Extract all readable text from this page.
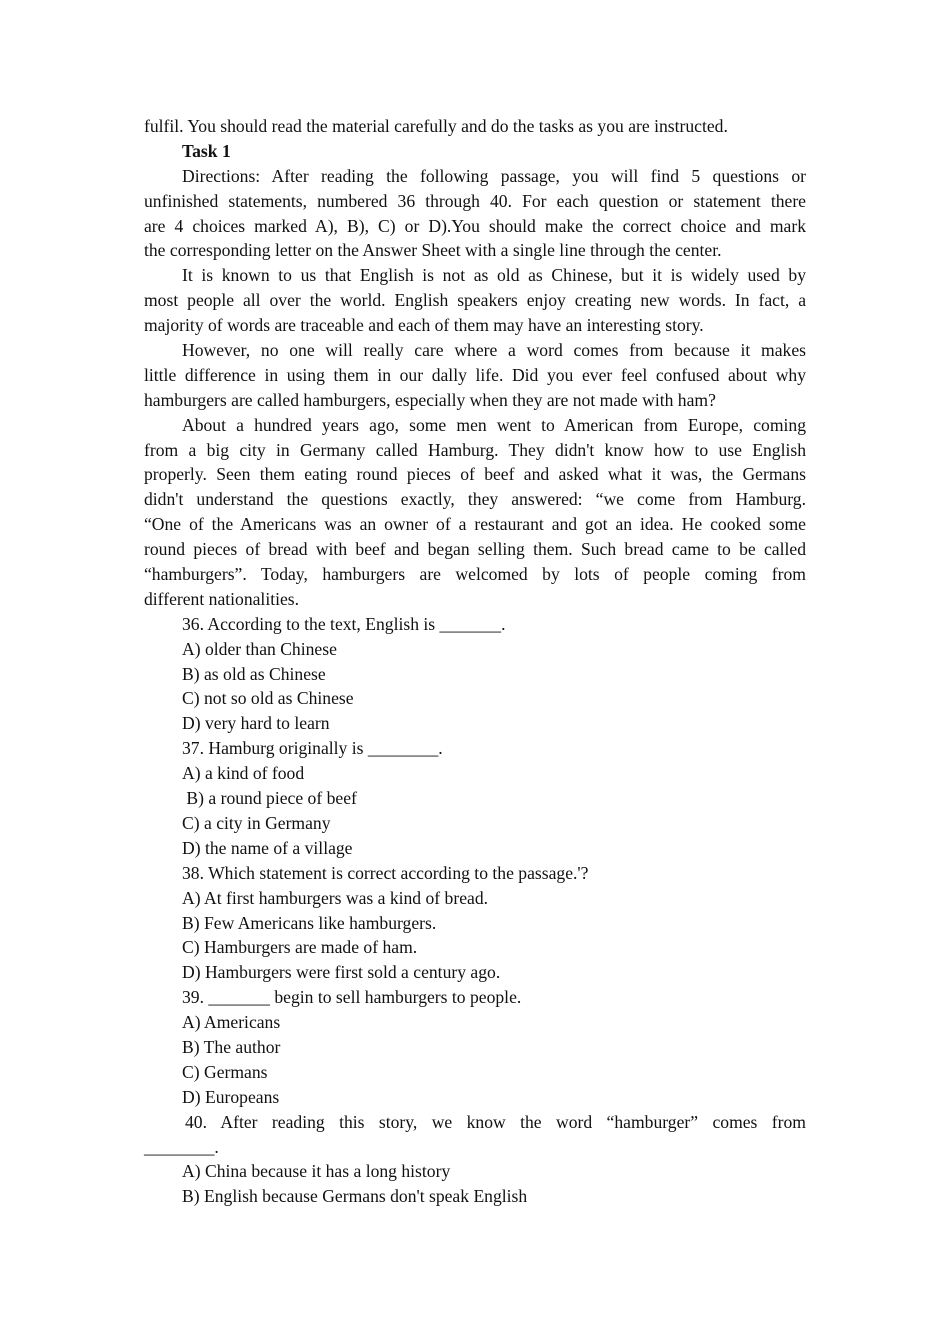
fulfil. You should read the material carefully and do the tasks as you are instructed.
Task 1
Directions: After reading the following passage, you will find 5 questions or
unfinished statements, numbered 36 through 40. For each question or statement there
are 4 choices marked A), B), C) or D).You should make the correct choice and mark
the corresponding letter on the Answer Sheet with a single line through the center.
It is known to us that English is not as old as Chinese, but it is widely used by
most people all over the world. English speakers enjoy creating new words. In fact, a
majority of words are traceable and each of them may have an interesting story.
However, no one will really care where a word comes from because it makes
little difference in using them in our dally life. Did you ever feel confused about why
hamburgers are called hamburgers, especially when they are not made with ham?
About a hundred years ago, some men went to American from Europe, coming
from a big city in Germany called Hamburg. They didn't know how to use English
properly. Seen them eating round pieces of beef and asked what it was, the Germans
didn't understand the questions exactly, they answered: “we come from Hamburg.
“One of the Americans was an owner of a restaurant and got an idea. He cooked some
round pieces of bread with beef and began selling them. Such bread came to be called
“hamburgers”. Today, hamburgers are welcomed by lots of people coming from
different nationalities.
36. According to the text, English is _______.
A) older than Chinese
B) as old as Chinese
C) not so old as Chinese
D) very hard to learn
37. Hamburg originally is ________.
A) a kind of food
B) a round piece of beef
C) a city in Germany
D) the name of a village
38. Which statement is correct according to the passage.'?
A) At first hamburgers was a kind of bread.
B) Few Americans like hamburgers.
C) Hamburgers are made of ham.
D) Hamburgers were first sold a century ago.
39. _______ begin to sell hamburgers to people.
A) Americans
B) The author
C) Germans
D) Europeans
40. After reading this story, we know the word “hamburger” comes from
________.
A) China because it has a long history
B) English because Germans don't speak English
